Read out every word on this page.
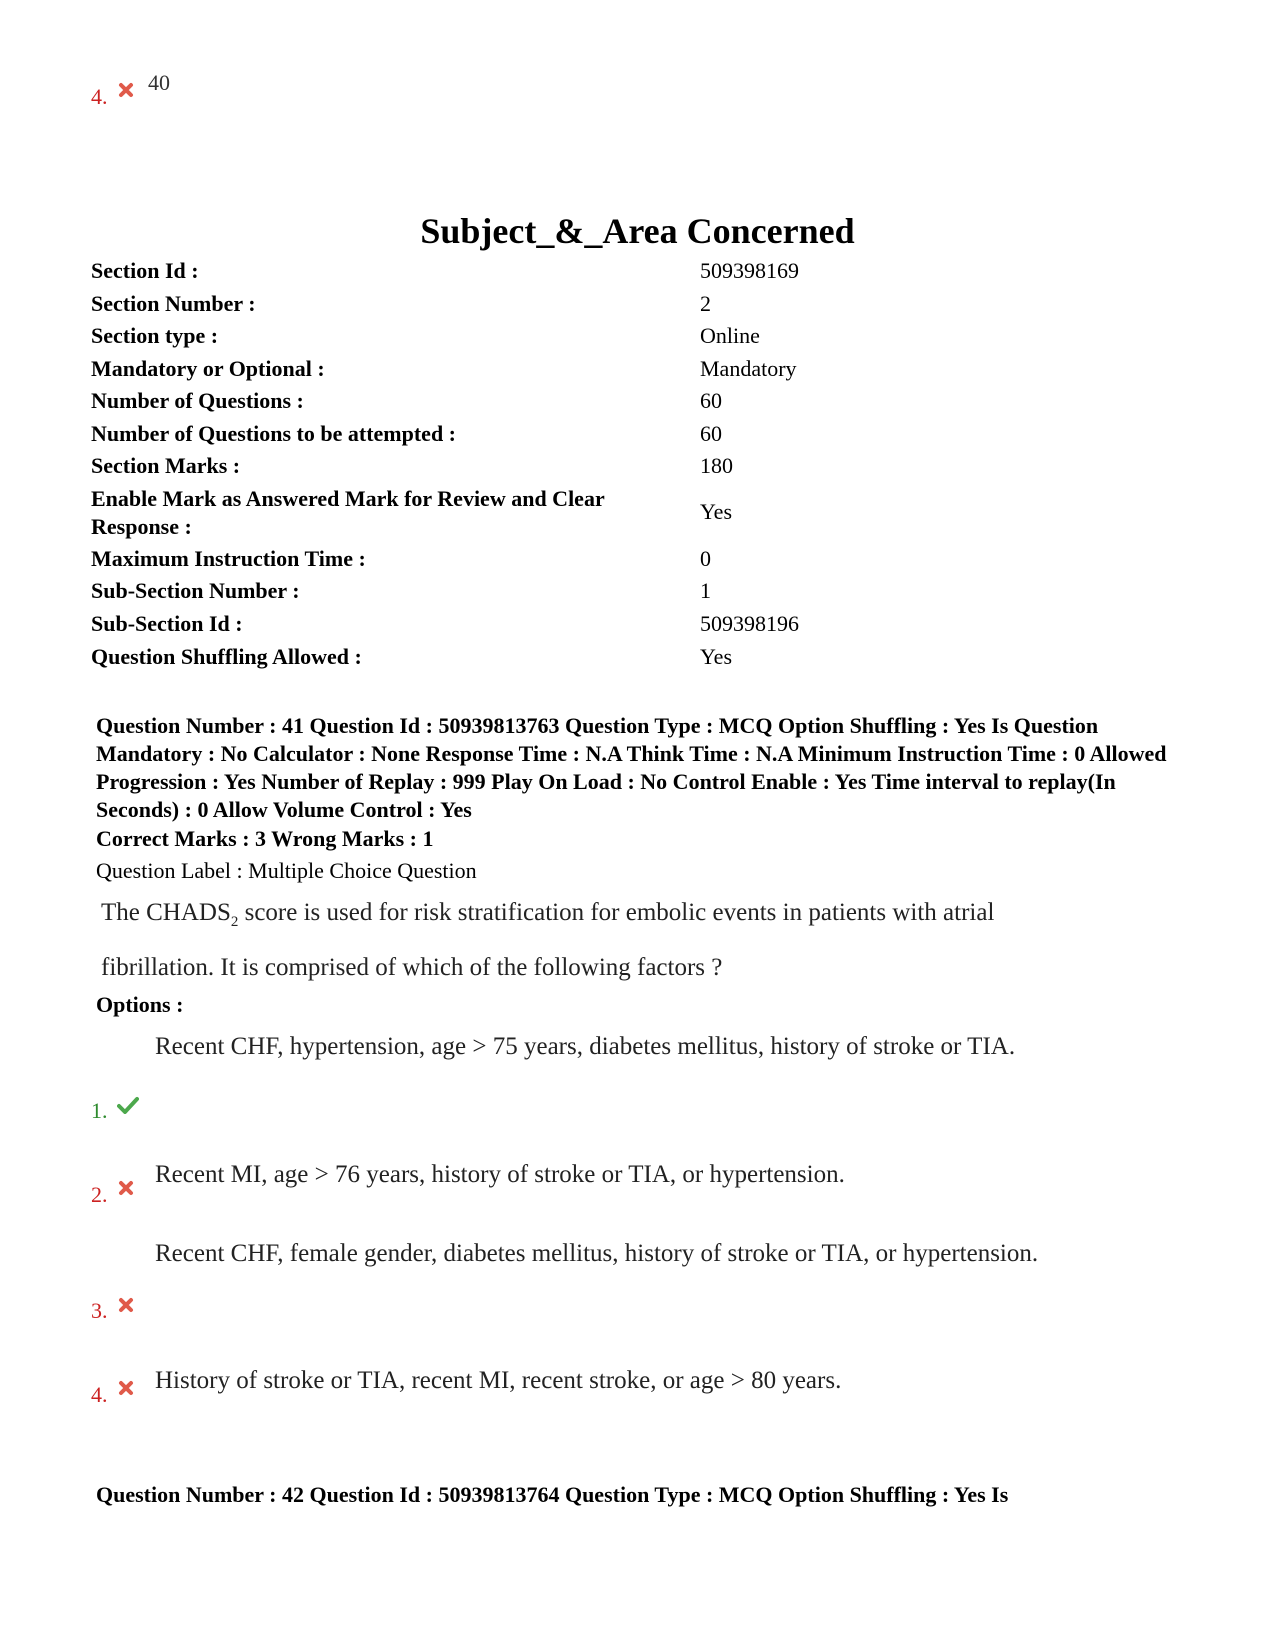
4.
40
Subject_&_Area Concerned
Section Id :	509398169
Section Number :	2
Section type :	Online
Mandatory or Optional :	Mandatory
Number of Questions :	60
Number of Questions to be attempted :	60
Section Marks :	180
Enable Mark as Answered Mark for Review and Clear Response :
Yes
Maximum Instruction Time :	0
Sub-Section Number :	1
Sub-Section Id :	509398196
Question Shuffling Allowed :	Yes
Question Number : 41 Question Id : 50939813763 Question Type : MCQ Option Shuffling : Yes Is Question Mandatory : No Calculator : None Response Time : N.A Think Time : N.A Minimum Instruction Time : 0 Allowed Progression : Yes Number of Replay : 999 Play On Load : No Control Enable : Yes Time interval to replay(In Seconds) : 0 Allow Volume Control : Yes
Correct Marks : 3 Wrong Marks : 1
Question Label : Multiple Choice Question
The $CHADS_2$ score is used for risk stratification for embolic events in patients with atrial fibrillation. It is comprised of which of the following factors ?
Options :
1.
Recent CHF, hypertension, age > 75 years, diabetes mellitus, history of stroke or TIA.
2.
Recent MI, age > 76 years, history of stroke or TIA, or hypertension.
3.
Recent CHF, female gender, diabetes mellitus, history of stroke or TIA, or hypertension.
4.
History of stroke or TIA, recent MI, recent stroke, or age > 80 years.
Question Number : 42 Question Id : 50939813764 Question Type : MCQ Option Shuffling : Yes Is
